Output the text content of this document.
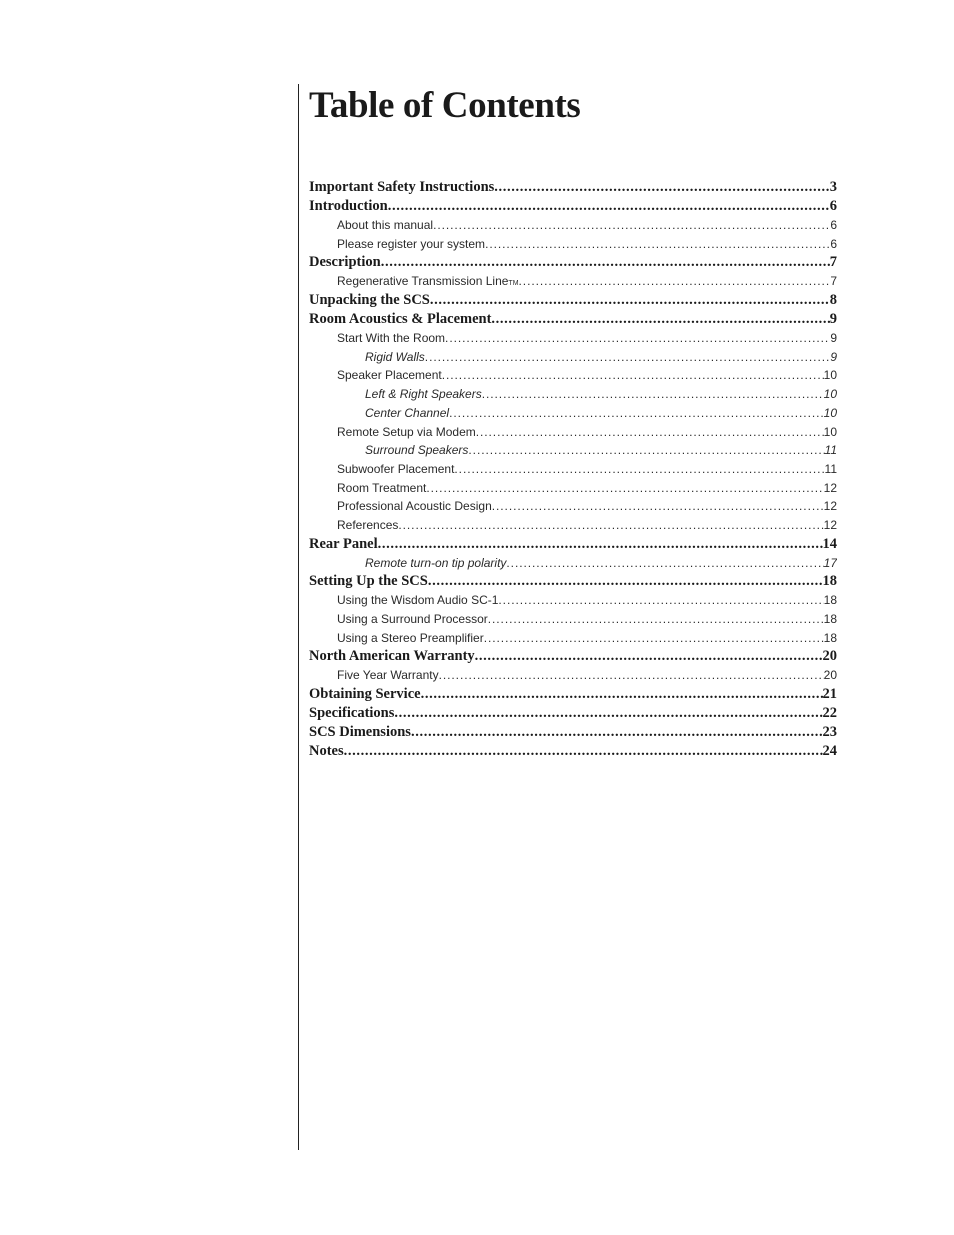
Table of Contents
Important Safety Instructions . . .	3
Introduction . . .	6
About this manual . . .	6
Please register your system . . .	6
Description . . .	7
Regenerative Transmission Line TM . . .	7
Unpacking the SCS . . .	8
Room Acoustics & Placement . . .	9
Start With the Room . . .	9
Rigid Walls . . .	9
Speaker Placement . . .	10
Left & Right Speakers . . .	10
Center Channel . . .	10
Remote Setup via Modem . . .	10
Surround Speakers . . .	11
Subwoofer Placement . . .	11
Room Treatment . . .	12
Professional Acoustic Design . . .	12
References . . .	12
Rear Panel . . .	14
Remote turn-on tip polarity . . .	17
Setting Up the SCS . . .	18
Using the Wisdom Audio SC-1 . . .	18
Using a Surround Processor . . .	18
Using a Stereo Preamplifier . . .	18
North American Warranty . . .	20
Five Year Warranty . . .	20
Obtaining Service . . .	21
Specifications . . .	22
SCS Dimensions . . .	23
Notes . . .	24
